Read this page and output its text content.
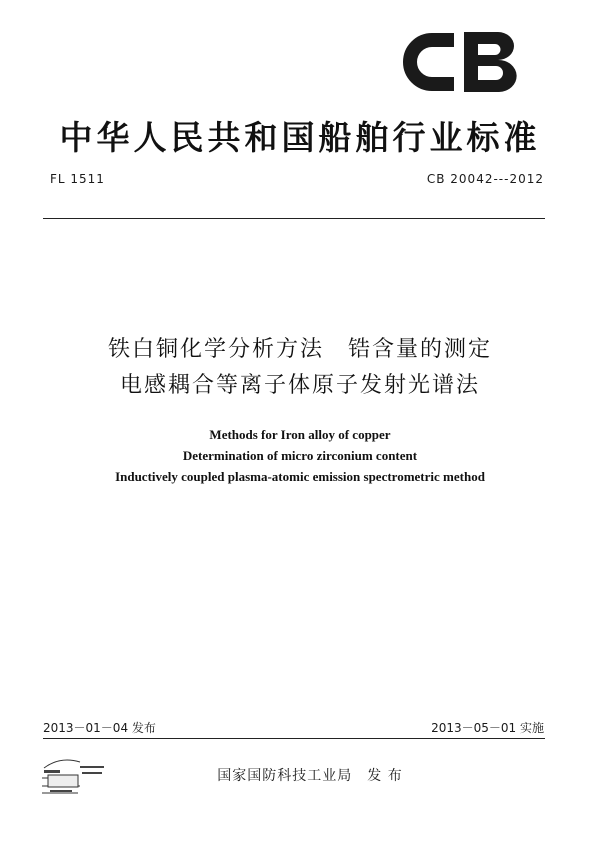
中华人民共和国船舶行业标准
FL 1511	CB 20042---2012
铁白铜化学分析方法　锆含量的测定
电感耦合等离子体原子发射光谱法
Methods for Iron alloy of copper
Determination of micro zirconium content
Inductively coupled plasma-atomic emission spectrometric method
2013－01－04 发布	2013－05－01 实施
国家国防科技工业局　发 布
